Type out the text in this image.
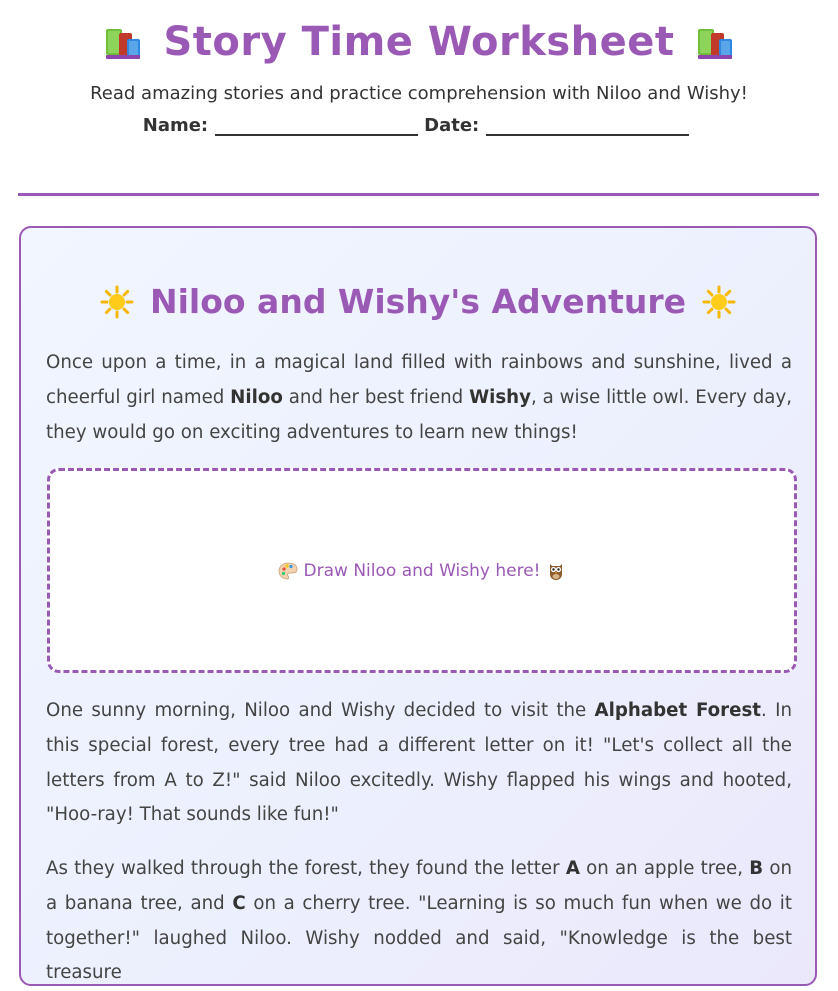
Story Time Worksheet
Read amazing stories and practice comprehension with Niloo and Wishy!
Name:	Date:
Niloo and Wishy's Adventure

Once upon a time, in a magical land filled with rainbows and sunshine, lived a cheerful girl named Niloo and her best friend Wishy, a wise little owl. Every day, they would go on exciting adventures to learn new things!

Draw Niloo and Wishy here!

One sunny morning, Niloo and Wishy decided to visit the Alphabet Forest. In this special forest, every tree had a different letter on it! "Let's collect all the letters from A to Z!" said Niloo excitedly. Wishy flapped his wings and hooted, "Hoo-ray! That sounds like fun!"

As they walked through the forest, they found the letter A on an apple tree, B on a banana tree, and C on a cherry tree. "Learning is so much fun when we do it together!" laughed Niloo. Wishy nodded and said, "Knowledge is the best treasure
